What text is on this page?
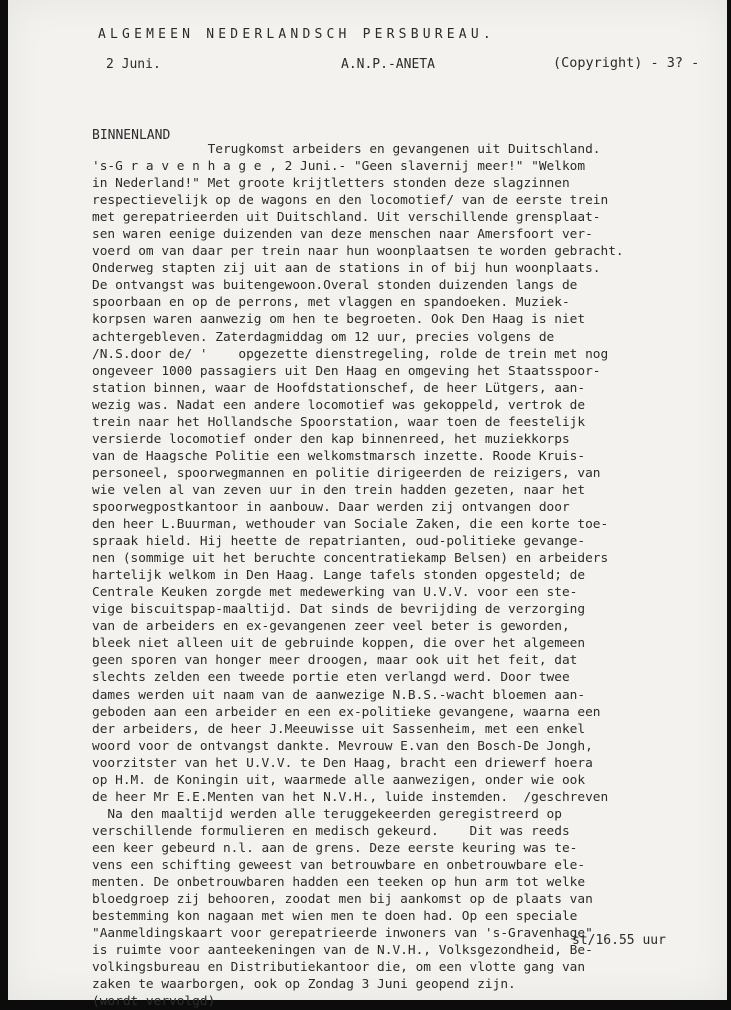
ALGEMEEN NEDERLANDSCH PERSBUREAU.
2 Juni.	A.N.P.-ANETA	(Copyright) - 3? -
BINNENLAND
Terugkomst arbeiders en gevangenen uit Duitschland.
's-G r a v e n h a g e , 2 Juni.- "Geen slavernij meer!" "Welkom
in Nederland!" Met groote krijtletters stonden deze slagzinnen
respectievelijk op de wagons en den locomotief/ van de eerste trein
met gerepatrieerden uit Duitschland. Uit verschillende grensplaat-
sen waren eenige duizenden van deze menschen naar Amersfoort ver-
voerd om van daar per trein naar hun woonplaatsen te worden gebracht.
Onderweg stapten zij uit aan de stations in of bij hun woonplaats.
De ontvangst was buitengewoon.Overal stonden duizenden langs de
spoorbaan en op de perrons, met vlaggen en spandoeken. Muziek-
korpsen waren aanwezig om hen te begroeten. Ook Den Haag is niet
achtergebleven. Zaterdagmiddag om 12 uur, precies volgens de
/N.S.door de/ '    opgezette dienstregeling, rolde de trein met nog
ongeveer 1000 passagiers uit Den Haag en omgeving het Staatsspoor-
station binnen, waar de Hoofdstationschef, de heer Lütgers, aan-
wezig was. Nadat een andere locomotief was gekoppeld, vertrok de
trein naar het Hollandsche Spoorstation, waar toen de feestelijk
versierde locomotief onder den kap binnenreed, het muziekkorps
van de Haagsche Politie een welkomstmarsch inzette. Roode Kruis-
personeel, spoorwegmannen en politie dirigeerden de reizigers, van
wie velen al van zeven uur in den trein hadden gezeten, naar het
spoorwegpostkantoor in aanbouw. Daar werden zij ontvangen door
den heer L.Buurman, wethouder van Sociale Zaken, die een korte toe-
spraak hield. Hij heette de repatrianten, oud-politieke gevange-
nen (sommige uit het beruchte concentratiekamp Belsen) en arbeiders
hartelijk welkom in Den Haag. Lange tafels stonden opgesteld; de
Centrale Keuken zorgde met medewerking van U.V.V. voor een ste-
vige biscuitspap-maaltijd. Dat sinds de bevrijding de verzorging
van de arbeiders en ex-gevangenen zeer veel beter is geworden,
bleek niet alleen uit de gebruinde koppen, die over het algemeen
geen sporen van honger meer droogen, maar ook uit het feit, dat
slechts zelden een tweede portie eten verlangd werd. Door twee
dames werden uit naam van de aanwezige N.B.S.-wacht bloemen aan-
geboden aan een arbeider en een ex-politieke gevangene, waarna een
der arbeiders, de heer J.Meeuwisse uit Sassenheim, met een enkel
woord voor de ontvangst dankte. Mevrouw E.van den Bosch-De Jongh,
voorzitster van het U.V.V. te Den Haag, bracht een driewerf hoera
op H.M. de Koningin uit, waarmede alle aanwezigen, onder wie ook
de heer Mr E.E.Menten van het N.V.H., luide instemden.  /geschreven
Na den maaltijd werden alle teruggekeerden geregistreerd op
verschillende formulieren en medisch gekeurd.    Dit was reeds
een keer gebeurd n.l. aan de grens. Deze eerste keuring was te-
vens een schifting geweest van betrouwbare en onbetrouwbare ele-
menten. De onbetrouwbaren hadden een teeken op hun arm tot welke
bloedgroep zij behooren, zoodat men bij aankomst op de plaats van
bestemming kon nagaan met wien men te doen had. Op een speciale
"Aanmeldingskaart voor gerepatrieerde inwoners van 's-Gravenhage"
is ruimte voor aanteekeningen van de N.V.H., Volksgezondheid, Be-
volkingsbureau en Distributiekantoor die, om een vlotte gang van
zaken te waarborgen, ook op Zondag 3 Juni geopend zijn.
(wordt vervolgd)
st/16.55 uur
